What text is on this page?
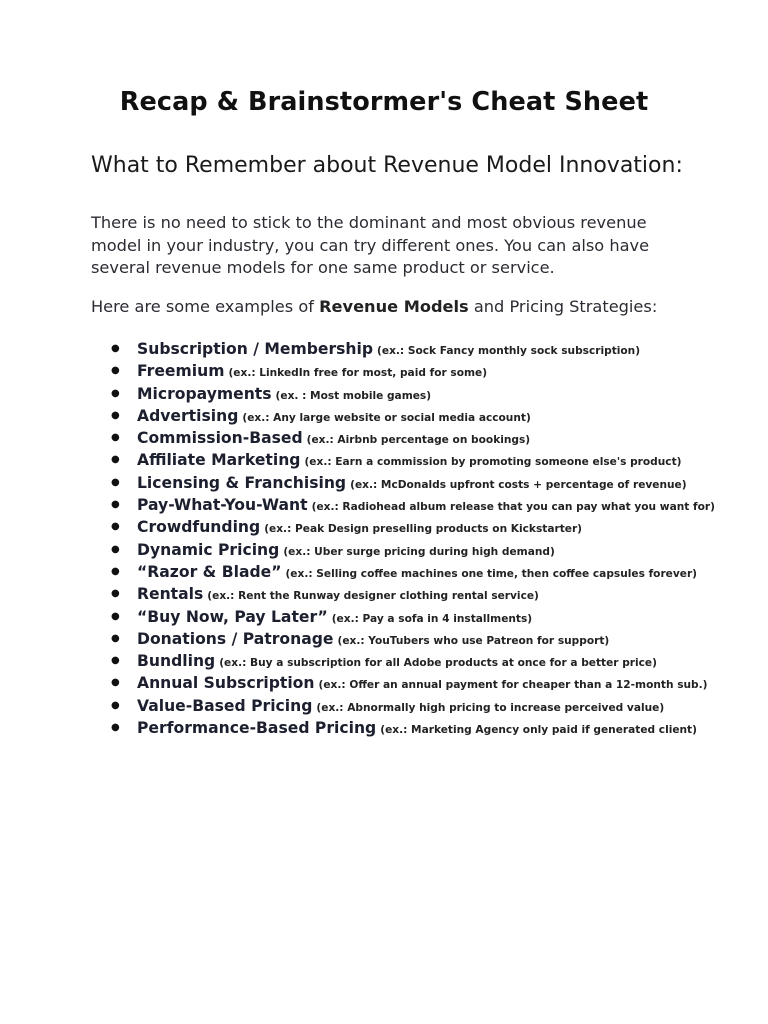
Recap & Brainstormer's Cheat Sheet
What to Remember about Revenue Model Innovation:

There is no need to stick to the dominant and most obvious revenue model in your industry, you can try different ones. You can also have several revenue models for one same product or service.

Here are some examples of Revenue Models and Pricing Strategies:

● Subscription / Membership (ex.: Sock Fancy monthly sock subscription)
● Freemium (ex.: LinkedIn free for most, paid for some)
● Micropayments (ex. : Most mobile games)
● Advertising (ex.: Any large website or social media account)
● Commission-Based (ex.: Airbnb percentage on bookings)
● Affiliate Marketing (ex.: Earn a commission by promoting someone else's product)
● Licensing & Franchising (ex.: McDonalds upfront costs + percentage of revenue)
● Pay-What-You-Want (ex.: Radiohead album release that you can pay what you want for)
● Crowdfunding (ex.: Peak Design preselling products on Kickstarter)
● Dynamic Pricing (ex.: Uber surge pricing during high demand)
● “Razor & Blade” (ex.: Selling coffee machines one time, then coffee capsules forever)
● Rentals (ex.: Rent the Runway designer clothing rental service)
● “Buy Now, Pay Later” (ex.: Pay a sofa in 4 installments)
● Donations / Patronage (ex.: YouTubers who use Patreon for support)
● Bundling (ex.: Buy a subscription for all Adobe products at once for a better price)
● Annual Subscription (ex.: Offer an annual payment for cheaper than a 12-month sub.)
● Value-Based Pricing (ex.: Abnormally high pricing to increase perceived value)
● Performance-Based Pricing (ex.: Marketing Agency only paid if generated client)
